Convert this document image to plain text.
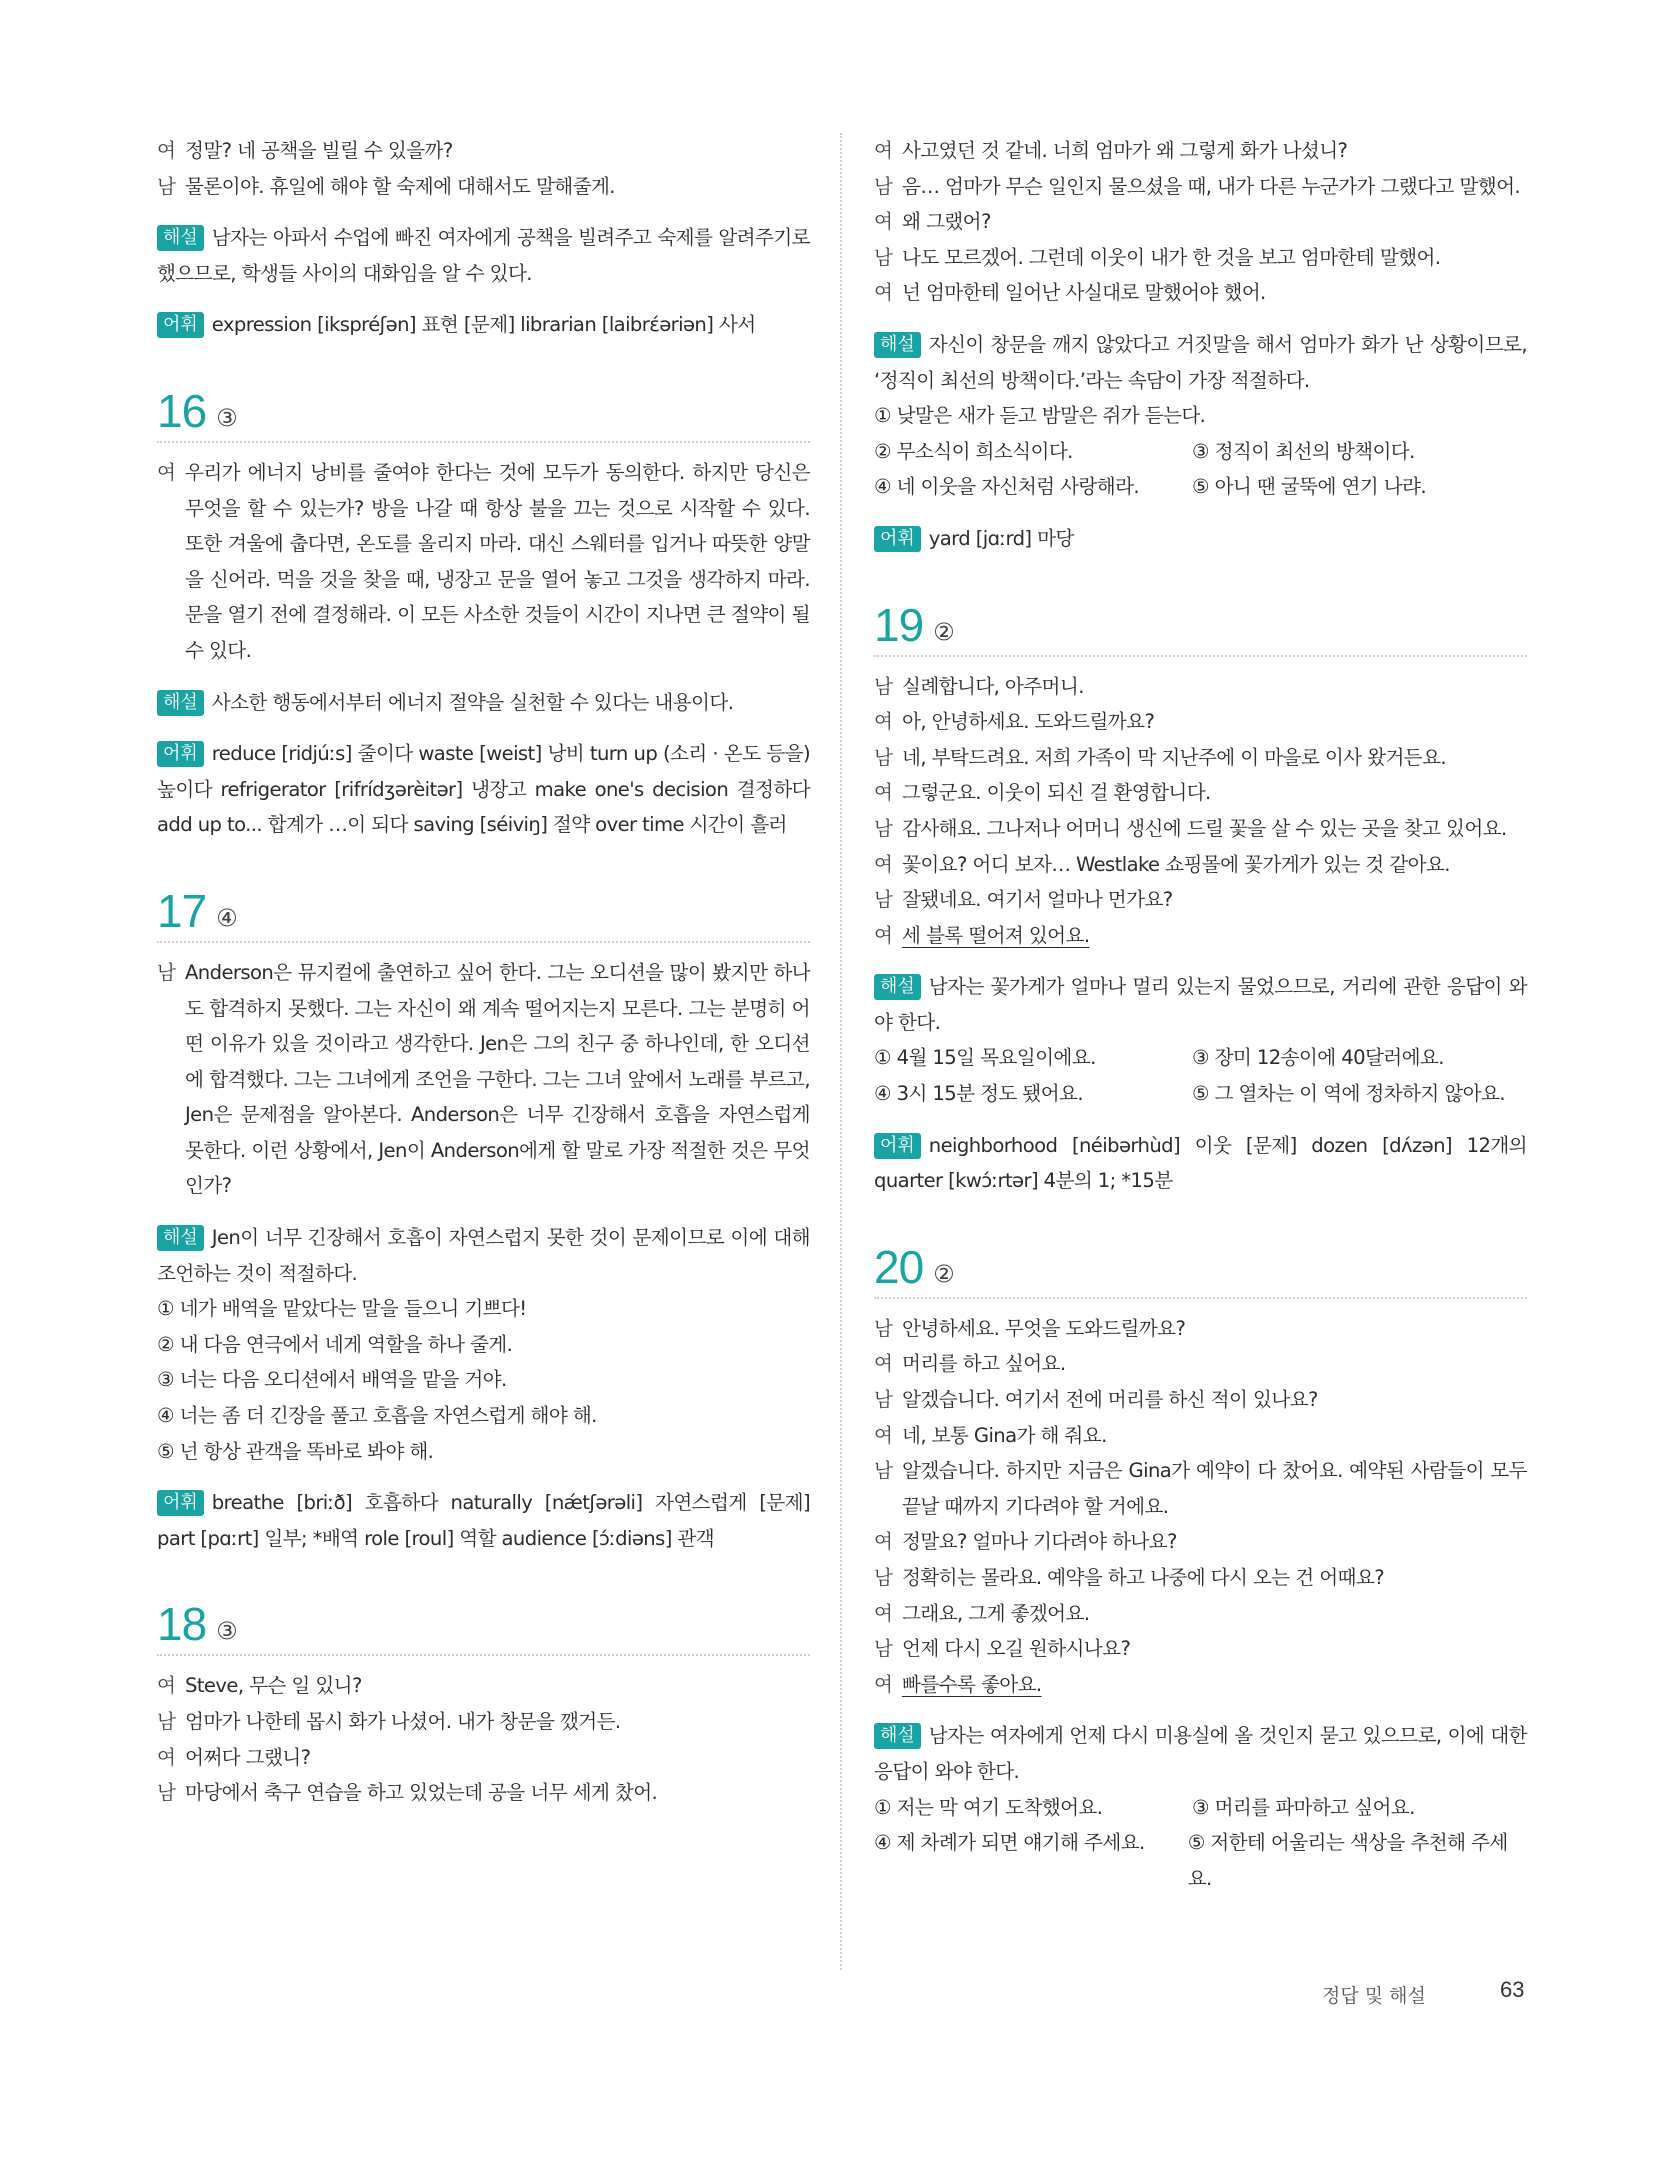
여 정말? 네 공책을 빌릴 수 있을까?
남 물론이야. 휴일에 해야 할 숙제에 대해서도 말해줄게.
해설 남자는 아파서 수업에 빠진 여자에게 공책을 빌려주고 숙제를 알려주기로 했으므로, 학생들 사이의 대화임을 알 수 있다.
어휘 expression [ikspréʃən] 표현 [문제] librarian [laibrέəriən] 사서
16 ③
여 우리가 에너지 낭비를 줄여야 한다는 것에 모두가 동의한다. 하지만 당신은 무엇을 할 수 있는가? 방을 나갈 때 항상 불을 끄는 것으로 시작할 수 있다. 또한 겨울에 춥다면, 온도를 올리지 마라. 대신 스웨터를 입거나 따뜻한 양말을 신어라. 먹을 것을 찾을 때, 냉장고 문을 열어 놓고 그것을 생각하지 마라. 문을 열기 전에 결정해라. 이 모든 사소한 것들이 시간이 지나면 큰 절약이 될 수 있다.
해설 사소한 행동에서부터 에너지 절약을 실천할 수 있다는 내용이다.
어휘 reduce [ridjúːs] 줄이다 waste [weist] 낭비 turn up (소리 · 온도 등을) 높이다 refrigerator [rifrídʒərèitər] 냉장고 make one's decision 결정하다 add up to... 합계가 …이 되다 saving [séiviŋ] 절약 over time 시간이 흘러
17 ④
남 Anderson은 뮤지컬에 출연하고 싶어 한다. 그는 오디션을 많이 봤지만 하나도 합격하지 못했다. 그는 자신이 왜 계속 떨어지는지 모른다. 그는 분명히 어떤 이유가 있을 것이라고 생각한다. Jen은 그의 친구 중 하나인데, 한 오디션에 합격했다. 그는 그녀에게 조언을 구한다. 그는 그녀 앞에서 노래를 부르고, Jen은 문제점을 알아본다. Anderson은 너무 긴장해서 호흡을 자연스럽게 못한다. 이런 상황에서, Jen이 Anderson에게 할 말로 가장 적절한 것은 무엇인가?
해설 Jen이 너무 긴장해서 호흡이 자연스럽지 못한 것이 문제이므로 이에 대해 조언하는 것이 적절하다.
① 네가 배역을 맡았다는 말을 들으니 기쁘다!
② 내 다음 연극에서 네게 역할을 하나 줄게.
③ 너는 다음 오디션에서 배역을 맡을 거야.
④ 너는 좀 더 긴장을 풀고 호흡을 자연스럽게 해야 해.
⑤ 넌 항상 관객을 똑바로 봐야 해.
어휘 breathe [briːð] 호흡하다 naturally [nǽtʃərəli] 자연스럽게 [문제] part [pɑːrt] 일부; *배역 role [roul] 역할 audience [ɔ́ːdiəns] 관객
18 ③
여 Steve, 무슨 일 있니?
남 엄마가 나한테 몹시 화가 나셨어. 내가 창문을 깼거든.
여 어쩌다 그랬니?
남 마당에서 축구 연습을 하고 있었는데 공을 너무 세게 찼어.
여 사고였던 것 같네. 너희 엄마가 왜 그렇게 화가 나셨니?
남 음… 엄마가 무슨 일인지 물으셨을 때, 내가 다른 누군가가 그랬다고 말했어.
여 왜 그랬어?
남 나도 모르겠어. 그런데 이웃이 내가 한 것을 보고 엄마한테 말했어.
여 넌 엄마한테 일어난 사실대로 말했어야 했어.
해설 자신이 창문을 깨지 않았다고 거짓말을 해서 엄마가 화가 난 상황이므로, ‘정직이 최선의 방책이다.’라는 속담이 가장 적절하다.
① 낮말은 새가 듣고 밤말은 쥐가 듣는다.
② 무소식이 희소식이다.	③ 정직이 최선의 방책이다.
④ 네 이웃을 자신처럼 사랑해라.	⑤ 아니 땐 굴뚝에 연기 나랴.
어휘 yard [jɑːrd] 마당
19 ②
남 실례합니다, 아주머니.
여 아, 안녕하세요. 도와드릴까요?
남 네, 부탁드려요. 저희 가족이 막 지난주에 이 마을로 이사 왔거든요.
여 그렇군요. 이웃이 되신 걸 환영합니다.
남 감사해요. 그나저나 어머니 생신에 드릴 꽃을 살 수 있는 곳을 찾고 있어요.
여 꽃이요? 어디 보자… Westlake 쇼핑몰에 꽃가게가 있는 것 같아요.
남 잘됐네요. 여기서 얼마나 먼가요?
여 세 블록 떨어져 있어요.
해설 남자는 꽃가게가 얼마나 멀리 있는지 물었으므로, 거리에 관한 응답이 와야 한다.
① 4월 15일 목요일이에요.	③ 장미 12송이에 40달러에요.
④ 3시 15분 정도 됐어요.	⑤ 그 열차는 이 역에 정차하지 않아요.
어휘 neighborhood [néibərhùd] 이웃 [문제] dozen [dʌ́zən] 12개의 quarter [kwɔ́ːrtər] 4분의 1; *15분
20 ②
남 안녕하세요. 무엇을 도와드릴까요?
여 머리를 하고 싶어요.
남 알겠습니다. 여기서 전에 머리를 하신 적이 있나요?
여 네, 보통 Gina가 해 줘요.
남 알겠습니다. 하지만 지금은 Gina가 예약이 다 찼어요. 예약된 사람들이 모두 끝날 때까지 기다려야 할 거에요.
여 정말요? 얼마나 기다려야 하나요?
남 정확히는 몰라요. 예약을 하고 나중에 다시 오는 건 어때요?
여 그래요, 그게 좋겠어요.
남 언제 다시 오길 원하시나요?
여 빠를수록 좋아요.
해설 남자는 여자에게 언제 다시 미용실에 올 것인지 묻고 있으므로, 이에 대한 응답이 와야 한다.
① 저는 막 여기 도착했어요.	③ 머리를 파마하고 싶어요.
④ 제 차례가 되면 얘기해 주세요.	⑤ 저한테 어울리는 색상을 추천해 주세요.
정답 및 해설	63
